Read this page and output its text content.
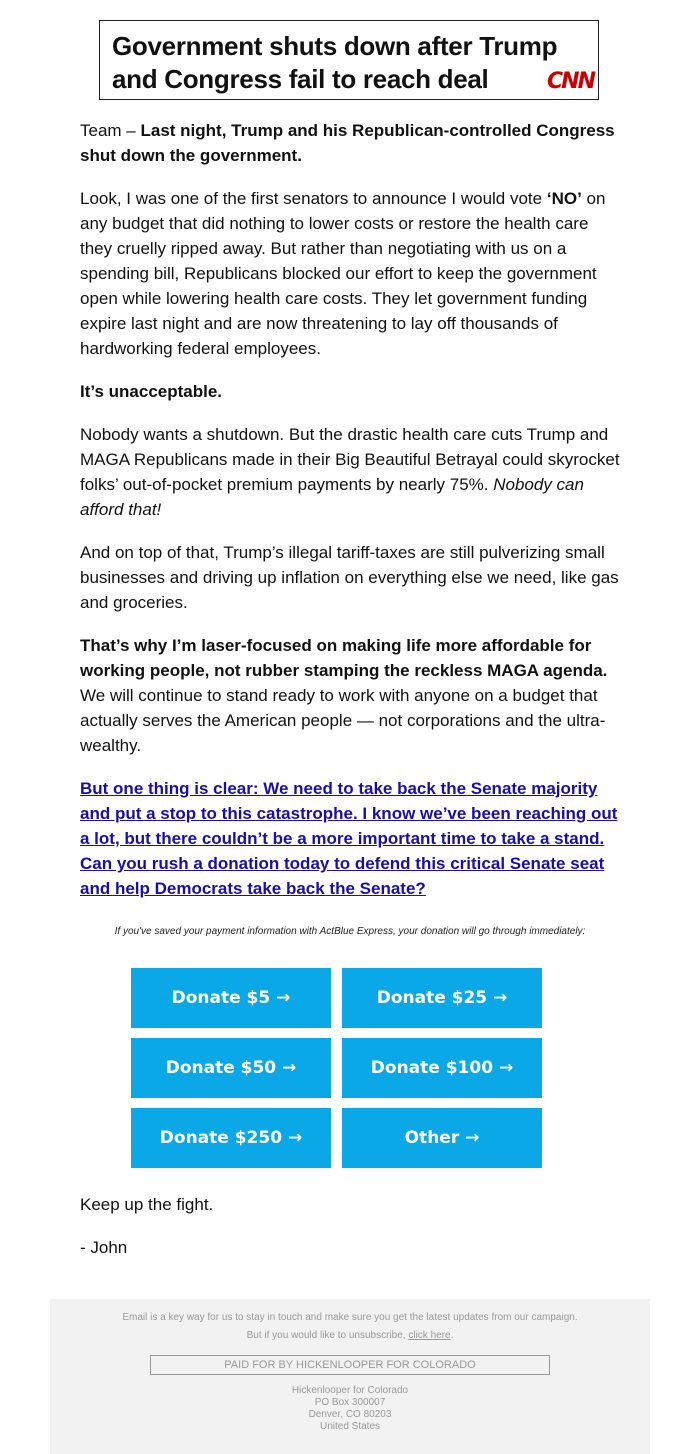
Government shuts down after Trump and Congress fail to reach deal	CNN

Team – Last night, Trump and his Republican-controlled Congress shut down the government.

Look, I was one of the first senators to announce I would vote ‘NO’ on any budget that did nothing to lower costs or restore the health care they cruelly ripped away. But rather than negotiating with us on a spending bill, Republicans blocked our effort to keep the government open while lowering health care costs. They let government funding expire last night and are now threatening to lay off thousands of hardworking federal employees.

It’s unacceptable.

Nobody wants a shutdown. But the drastic health care cuts Trump and MAGA Republicans made in their Big Beautiful Betrayal could skyrocket folks’ out-of-pocket premium payments by nearly 75%. Nobody can afford that!

And on top of that, Trump’s illegal tariff-taxes are still pulverizing small businesses and driving up inflation on everything else we need, like gas and groceries.

That’s why I’m laser-focused on making life more affordable for working people, not rubber stamping the reckless MAGA agenda. We will continue to stand ready to work with anyone on a budget that actually serves the American people — not corporations and the ultra-wealthy.

But one thing is clear: We need to take back the Senate majority and put a stop to this catastrophe. I know we’ve been reaching out a lot, but there couldn’t be a more important time to take a stand. Can you rush a donation today to defend this critical Senate seat and help Democrats take back the Senate?

If you've saved your payment information with ActBlue Express, your donation will go through immediately:
Donate $5 →	Donate $25 →
Donate $50 →	Donate $100 →
Donate $250 →	Other →

Keep up the fight.

- John

Email is a key way for us to stay in touch and make sure you get the latest updates from our campaign.
But if you would like to unsubscribe, click here.
PAID FOR BY HICKENLOOPER FOR COLORADO
Hickenlooper for Colorado
PO Box 300007
Denver, CO 80203
United States
